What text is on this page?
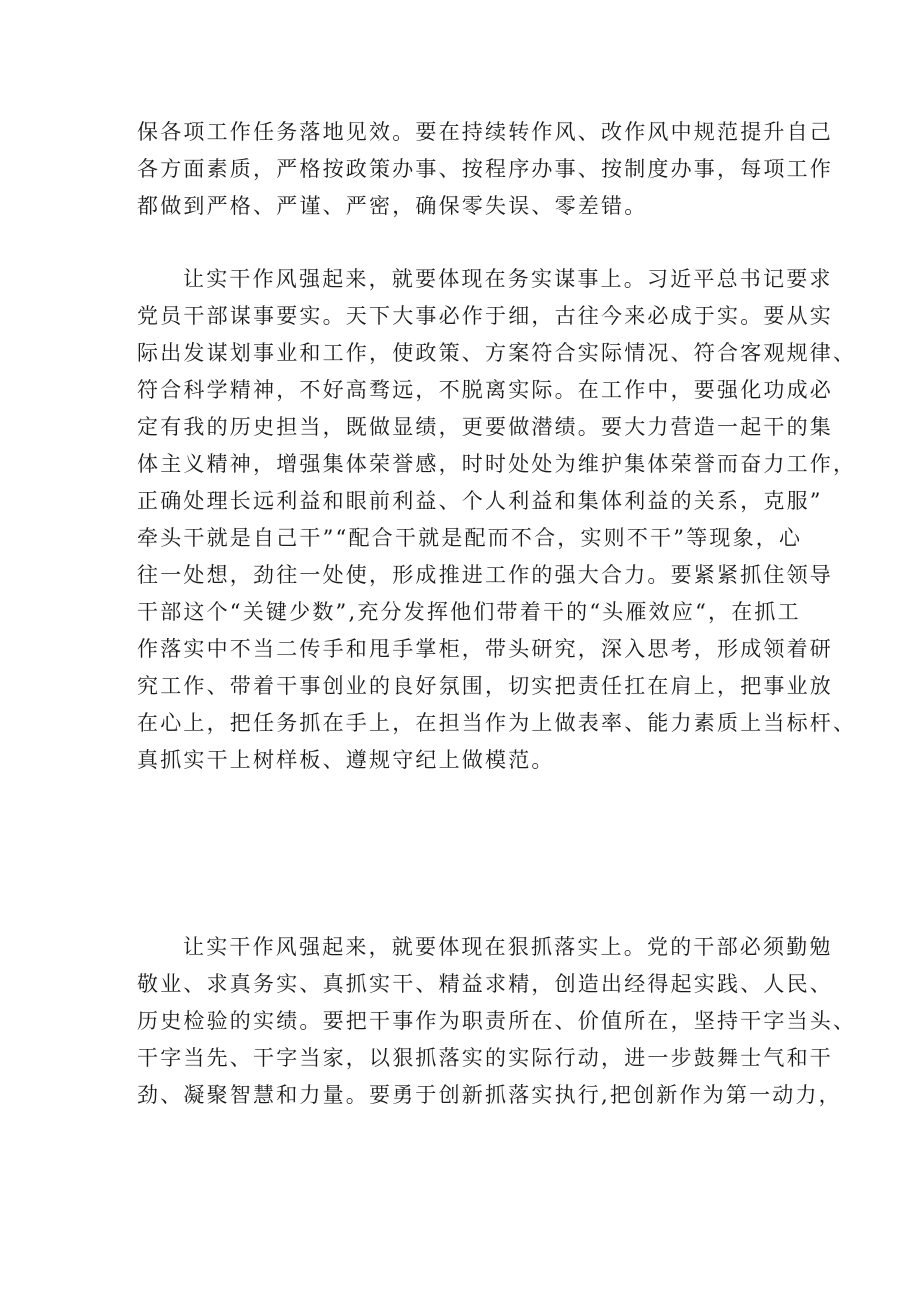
保各项工作任务落地见效。要在持续转作风、改作风中规范提升自己
各方面素质，严格按政策办事、按程序办事、按制度办事，每项工作
都做到严格、严谨、严密，确保零失误、零差错。
让实干作风强起来，就要体现在务实谋事上。习近平总书记要求
党员干部谋事要实。天下大事必作于细，古往今来必成于实。要从实
际出发谋划事业和工作，使政策、方案符合实际情况、符合客观规律、
符合科学精神，不好高骛远，不脱离实际。在工作中，要强化功成必
定有我的历史担当，既做显绩，更要做潜绩。要大力营造一起干的集
体主义精神，增强集体荣誉感，时时处处为维护集体荣誉而奋力工作，
正确处理长远利益和眼前利益、个人利益和集体利益的关系，克服”
牵头干就是自己干”“配合干就是配而不合，实则不干”等现象，心
往一处想，劲往一处使，形成推进工作的强大合力。要紧紧抓住领导
干部这个“关键少数”,充分发挥他们带着干的“头雁效应“，在抓工
作落实中不当二传手和甩手掌柜，带头研究，深入思考，形成领着研
究工作、带着干事创业的良好氛围，切实把责任扛在肩上，把事业放
在心上，把任务抓在手上，在担当作为上做表率、能力素质上当标杆、
真抓实干上树样板、遵规守纪上做模范。
让实干作风强起来，就要体现在狠抓落实上。党的干部必须勤勉
敬业、求真务实、真抓实干、精益求精，创造出经得起实践、人民、
历史检验的实绩。要把干事作为职责所在、价值所在，坚持干字当头、
干字当先、干字当家，以狠抓落实的实际行动，进一步鼓舞士气和干
劲、凝聚智慧和力量。要勇于创新抓落实执行,把创新作为第一动力，
